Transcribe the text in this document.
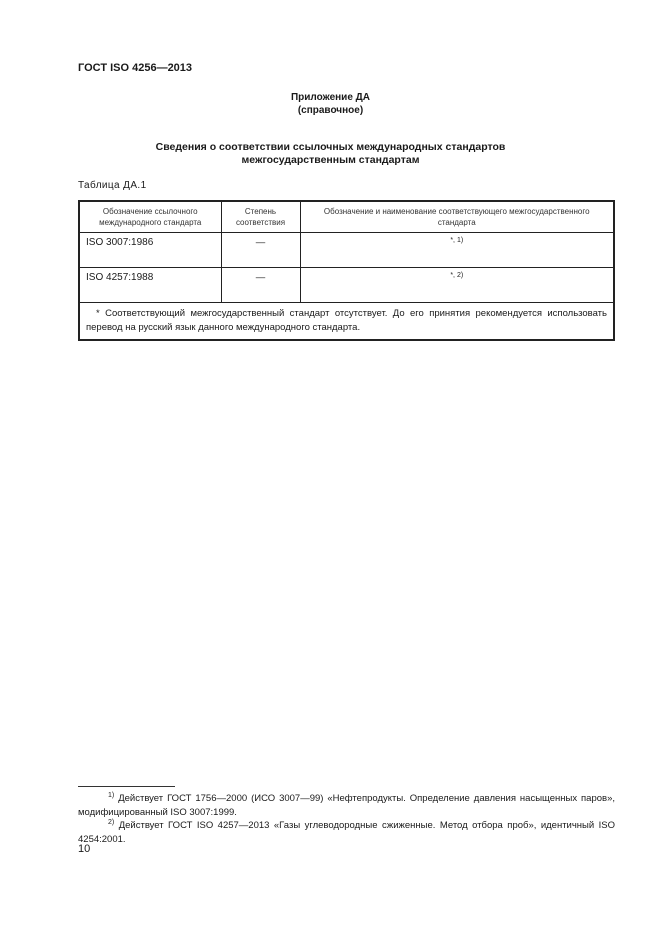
ГОСТ ISO 4256—2013
Приложение ДА
(справочное)
Сведения о соответствии ссылочных международных стандартов
межгосударственным стандартам
Таблица ДА.1
Обозначение ссылочного международного стандарта	Степень соответствия	Обозначение и наименование соответствующего межгосударственного стандарта
ISO 3007:1986	—	*, 1)
ISO 4257:1988	—	*, 2)
* Соответствующий межгосударственный стандарт отсутствует. До его принятия рекомендуется использовать перевод на русский язык данного международного стандарта.		
$^{1)}$ Действует ГОСТ 1756—2000 (ИСО 3007—99) «Нефтепродукты. Определение давления насыщенных паров», модифицированный ISO 3007:1999.
$^{2)}$ Действует ГОСТ ISO 4257—2013 «Газы углеводородные сжиженные. Метод отбора проб», идентичный ISO 4254:2001.
10
